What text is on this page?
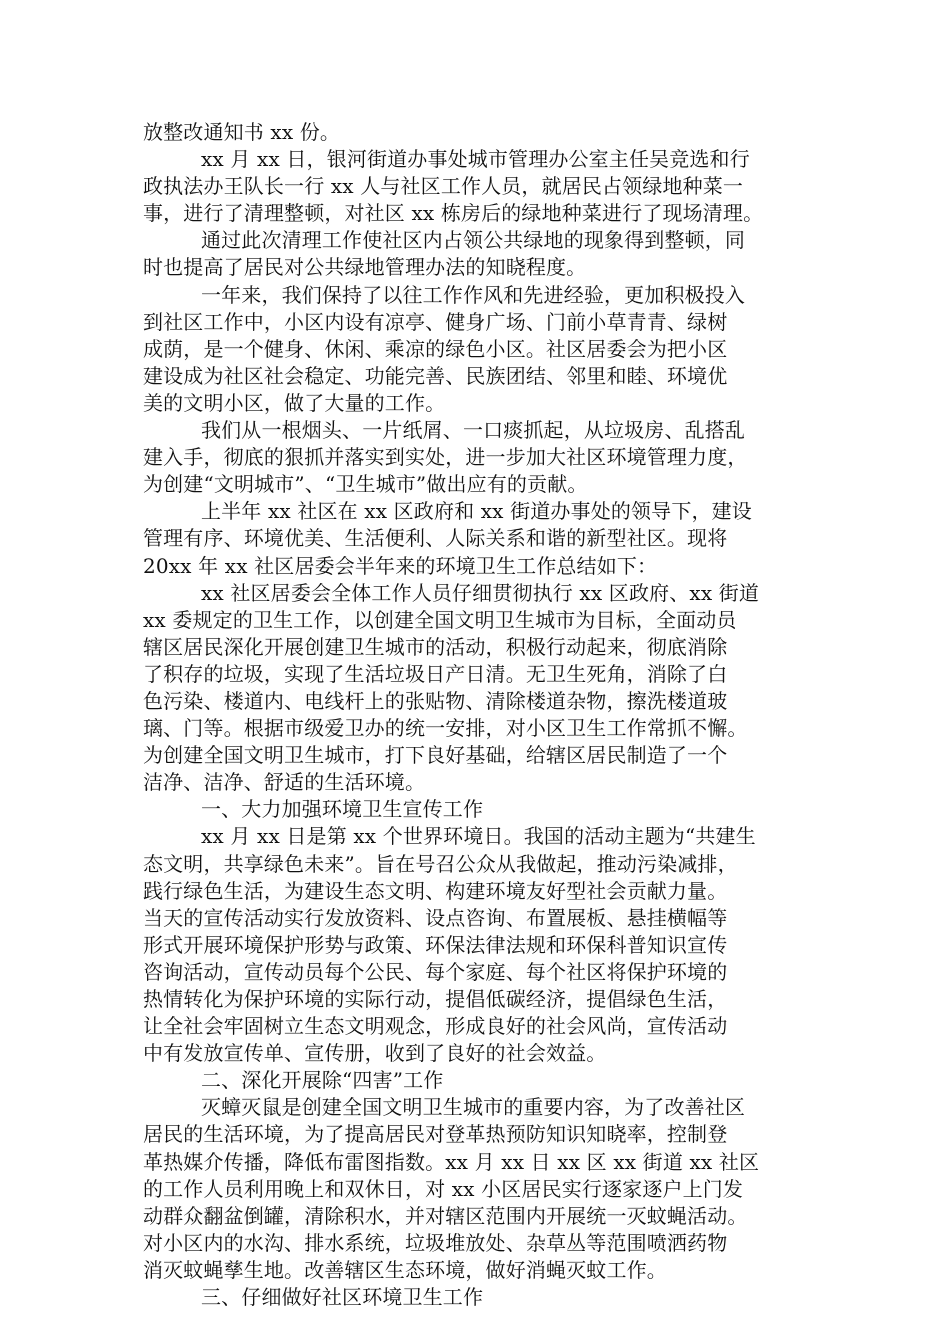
放整改通知书 xx 份。
xx 月 xx 日，银河街道办事处城市管理办公室主任吴竞选和行
政执法办王队长一行 xx 人与社区工作人员，就居民占领绿地种菜一
事，进行了清理整顿，对社区 xx 栋房后的绿地种菜进行了现场清理。
通过此次清理工作使社区内占领公共绿地的现象得到整顿，同
时也提高了居民对公共绿地管理办法的知晓程度。
一年来，我们保持了以往工作作风和先进经验，更加积极投入
到社区工作中，小区内设有凉亭、健身广场、门前小草青青、绿树
成荫，是一个健身、休闲、乘凉的绿色小区。社区居委会为把小区
建设成为社区社会稳定、功能完善、民族团结、邻里和睦、环境优
美的文明小区，做了大量的工作。
我们从一根烟头、一片纸屑、一口痰抓起，从垃圾房、乱搭乱
建入手，彻底的狠抓并落实到实处，进一步加大社区环境管理力度，
为创建“文明城市”、“卫生城市”做出应有的贡献。
上半年 xx 社区在 xx 区政府和 xx 街道办事处的领导下，建设
管理有序、环境优美、生活便利、人际关系和谐的新型社区。现将
20xx 年 xx 社区居委会半年来的环境卫生工作总结如下：
xx 社区居委会全体工作人员仔细贯彻执行 xx 区政府、xx 街道
xx 委规定的卫生工作，以创建全国文明卫生城市为目标，全面动员
辖区居民深化开展创建卫生城市的活动，积极行动起来，彻底消除
了积存的垃圾，实现了生活垃圾日产日清。无卫生死角，消除了白
色污染、楼道内、电线杆上的张贴物、清除楼道杂物，擦洗楼道玻
璃、门等。根据市级爱卫办的统一安排，对小区卫生工作常抓不懈。
为创建全国文明卫生城市，打下良好基础，给辖区居民制造了一个
洁净、洁净、舒适的生活环境。
一、大力加强环境卫生宣传工作
xx 月 xx 日是第 xx 个世界环境日。我国的活动主题为“共建生
态文明，共享绿色未来”。旨在号召公众从我做起，推动污染减排，
践行绿色生活，为建设生态文明、构建环境友好型社会贡献力量。
当天的宣传活动实行发放资料、设点咨询、布置展板、悬挂横幅等
形式开展环境保护形势与政策、环保法律法规和环保科普知识宣传
咨询活动，宣传动员每个公民、每个家庭、每个社区将保护环境的
热情转化为保护环境的实际行动，提倡低碳经济，提倡绿色生活，
让全社会牢固树立生态文明观念，形成良好的社会风尚，宣传活动
中有发放宣传单、宣传册，收到了良好的社会效益。
二、深化开展除“四害”工作
灭蟑灭鼠是创建全国文明卫生城市的重要内容，为了改善社区
居民的生活环境，为了提高居民对登革热预防知识知晓率，控制登
革热媒介传播，降低布雷图指数。xx 月 xx 日 xx 区 xx 街道 xx 社区
的工作人员利用晚上和双休日，对 xx 小区居民实行逐家逐户上门发
动群众翻盆倒罐，清除积水，并对辖区范围内开展统一灭蚊蝇活动。
对小区内的水沟、排水系统，垃圾堆放处、杂草丛等范围喷洒药物
消灭蚊蝇孳生地。改善辖区生态环境，做好消蝇灭蚊工作。
三、仔细做好社区环境卫生工作
